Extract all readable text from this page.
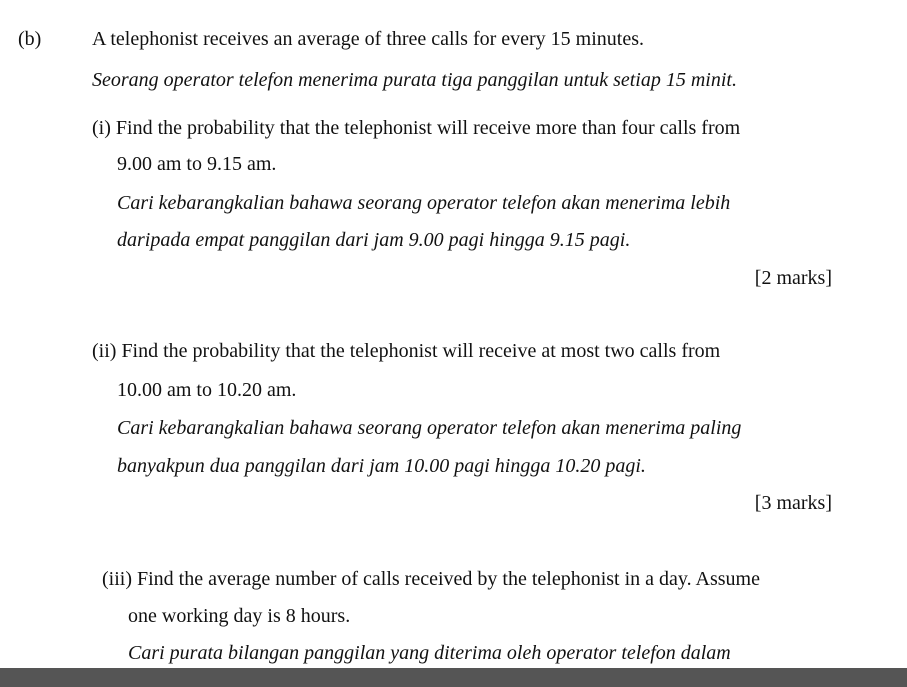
(b)	A telephonist receives an average of three calls for every 15 minutes.
Seorang operator telefon menerima purata tiga panggilan untuk setiap 15 minit.
(i) Find the probability that the telephonist will receive more than four calls from
9.00 am to 9.15 am.
Cari kebarangkalian bahawa seorang operator telefon akan menerima lebih
daripada empat panggilan dari jam 9.00 pagi hingga 9.15 pagi.
[2 marks]
(ii) Find the probability that the telephonist will receive at most two calls from
10.00 am to 10.20 am.
Cari kebarangkalian bahawa seorang operator telefon akan menerima paling
banyakpun dua panggilan dari jam 10.00 pagi hingga 10.20 pagi.
[3 marks]
(iii) Find the average number of calls received by the telephonist in a day. Assume
one working day is 8 hours.
Cari purata bilangan panggilan yang diterima oleh operator telefon dalam
